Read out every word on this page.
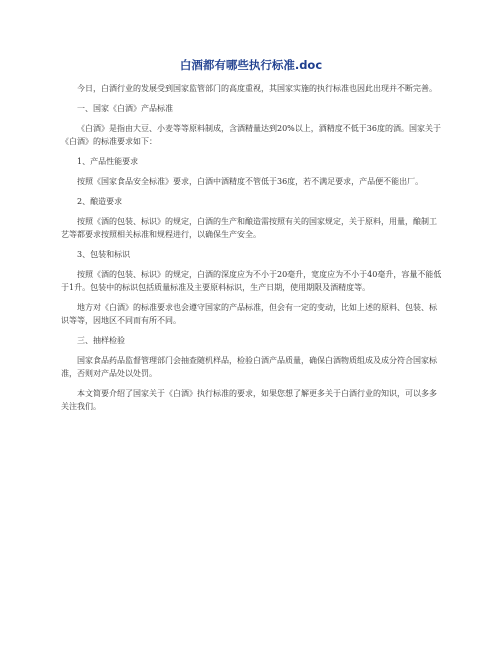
白酒都有哪些执行标准.doc

今日，白酒行业的发展受到国家监管部门的高度重视，其国家实施的执行标准也因此出现并不断完善。

一、国家《白酒》产品标准

《白酒》是指由大豆、小麦等等原料制成，含酒精量达到20%以上，酒精度不低于36度的酒。国家关于《白酒》的标准要求如下：

1、产品性能要求

按照《国家食品安全标准》要求，白酒中酒精度不管低于36度，若不满足要求，产品便不能出厂。

2、酿造要求

按照《酒的包装、标识》的规定，白酒的生产和酿造需按照有关的国家规定，关于原料，用量，酿制工艺等都要求按照相关标准和规程进行，以确保生产安全。

3、包装和标识

按照《酒的包装、标识》的规定，白酒的深度应为不小于20毫升，宽度应为不小于40毫升，容量不能低于1升。包装中的标识包括质量标准及主要原料标识，生产日期，使用期限及酒精度等。

地方对《白酒》的标准要求也会遵守国家的产品标准，但会有一定的变动，比如上述的原料、包装、标识等等，因地区不同而有所不同。

三、抽样检验

国家食品药品监督管理部门会抽查随机样品，检验白酒产品质量，确保白酒物质组成及成分符合国家标准，否则对产品处以处罚。

本文简要介绍了国家关于《白酒》执行标准的要求，如果您想了解更多关于白酒行业的知识，可以多多关注我们。
